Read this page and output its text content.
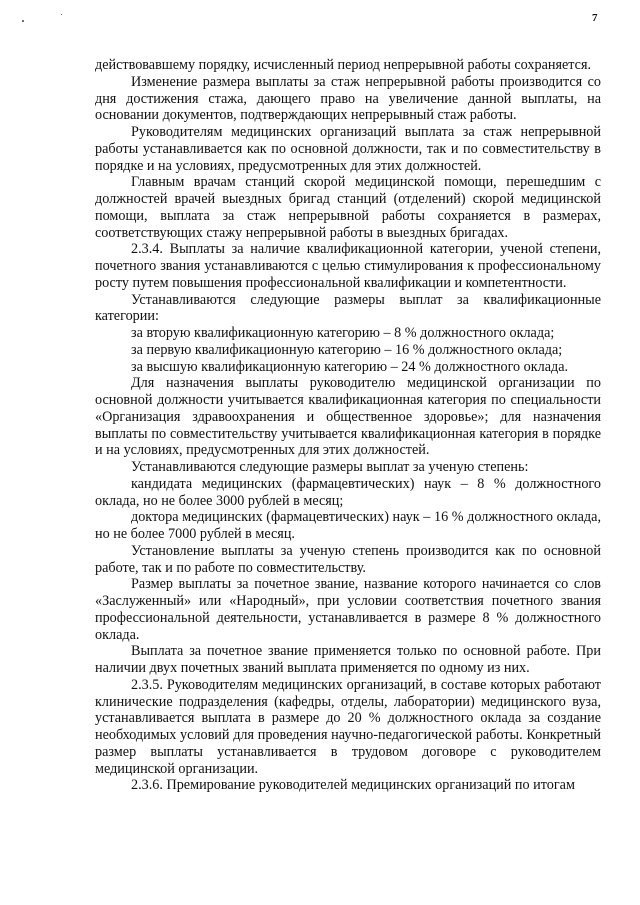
7

действовавшему порядку, исчисленный период непрерывной работы сохраняется.

Изменение размера выплаты за стаж непрерывной работы производится со дня достижения стажа, дающего право на увеличение данной выплаты, на основании документов, подтверждающих непрерывный стаж работы.

Руководителям медицинских организаций выплата за стаж непрерывной работы устанавливается как по основной должности, так и по совместительству в порядке и на условиях, предусмотренных для этих должностей.

Главным врачам станций скорой медицинской помощи, перешедшим с должностей врачей выездных бригад станций (отделений) скорой медицинской помощи, выплата за стаж непрерывной работы сохраняется в размерах, соответствующих стажу непрерывной работы в выездных бригадах.

2.3.4. Выплаты за наличие квалификационной категории, ученой степени, почетного звания устанавливаются с целью стимулирования к профессиональному росту путем повышения профессиональной квалификации и компетентности.

Устанавливаются следующие размеры выплат за квалификационные категории:

за вторую квалификационную категорию – 8 % должностного оклада;

за первую квалификационную категорию – 16 % должностного оклада;

за высшую квалификационную категорию – 24 % должностного оклада.

Для назначения выплаты руководителю медицинской организации по основной должности учитывается квалификационная категория по специальности «Организация здравоохранения и общественное здоровье»; для назначения выплаты по совместительству учитывается квалификационная категория в порядке и на условиях, предусмотренных для этих должностей.

Устанавливаются следующие размеры выплат за ученую степень:

кандидата медицинских (фармацевтических) наук – 8 % должностного оклада, но не более 3000 рублей в месяц;

доктора медицинских (фармацевтических) наук – 16 % должностного оклада, но не более 7000 рублей в месяц.

Установление выплаты за ученую степень производится как по основной работе, так и по работе по совместительству.

Размер выплаты за почетное звание, название которого начинается со слов «Заслуженный» или «Народный», при условии соответствия почетного звания профессиональной деятельности, устанавливается в размере 8 % должностного оклада.

Выплата за почетное звание применяется только по основной работе. При наличии двух почетных званий выплата применяется по одному из них.

2.3.5. Руководителям медицинских организаций, в составе которых работают клинические подразделения (кафедры, отделы, лаборатории) медицинского вуза, устанавливается выплата в размере до 20 % должностного оклада за создание необходимых условий для проведения научно-педагогической работы. Конкретный размер выплаты устанавливается в трудовом договоре с руководителем медицинской организации.

2.3.6. Премирование руководителей медицинских организаций по итогам
